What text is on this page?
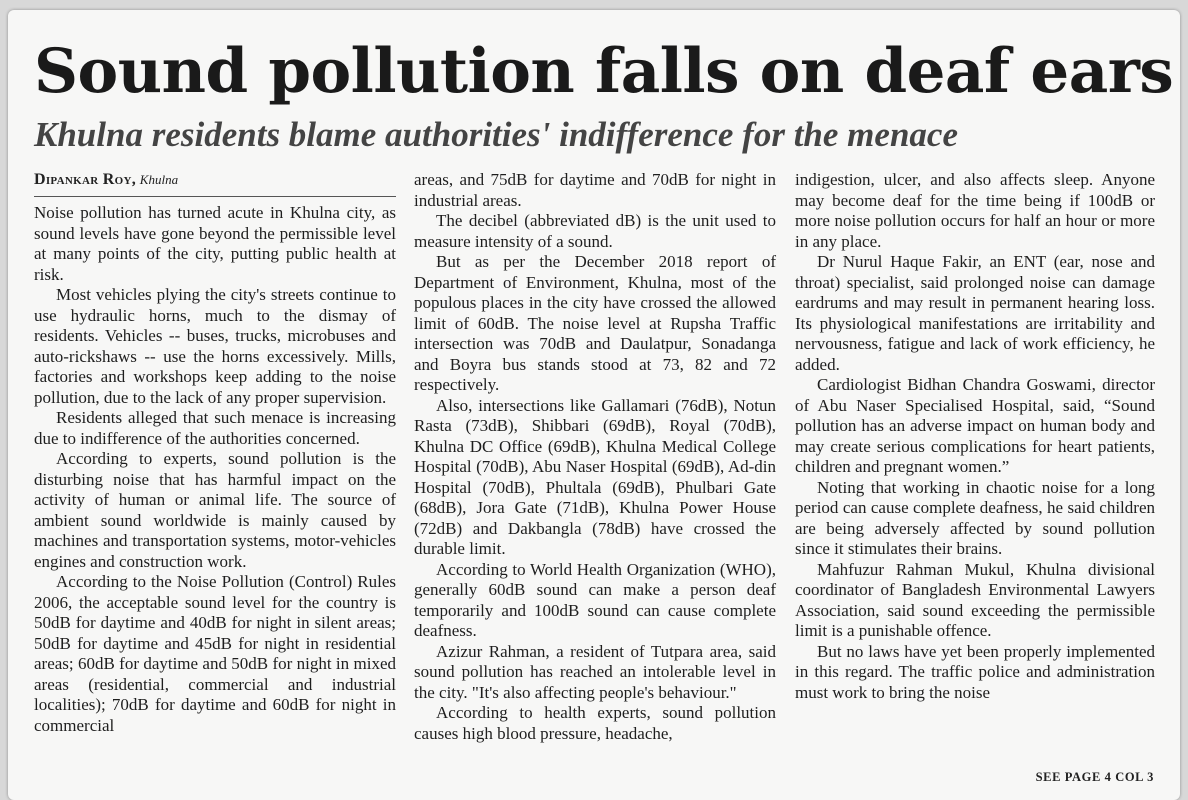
Sound pollution falls on deaf ears
Khulna residents blame authorities' indifference for the menace
Dipankar Roy, Khulna

Noise pollution has turned acute in Khulna city, as sound levels have gone beyond the permissible level at many points of the city, putting public health at risk.

Most vehicles plying the city's streets continue to use hydraulic horns, much to the dismay of residents. Vehicles -- buses, trucks, microbuses and auto-rickshaws -- use the horns excessively. Mills, factories and workshops keep adding to the noise pollution, due to the lack of any proper supervision.

Residents alleged that such menace is increasing due to indifference of the authorities concerned.

According to experts, sound pollution is the disturbing noise that has harmful impact on the activity of human or animal life. The source of ambient sound worldwide is mainly caused by machines and transportation systems, motor-vehicles engines and construction work.

According to the Noise Pollution (Control) Rules 2006, the acceptable sound level for the country is 50dB for daytime and 40dB for night in silent areas; 50dB for daytime and 45dB for night in residential areas; 60dB for daytime and 50dB for night in mixed areas (residential, commercial and industrial localities); 70dB for daytime and 60dB for night in commercial

areas, and 75dB for daytime and 70dB for night in industrial areas.

The decibel (abbreviated dB) is the unit used to measure intensity of a sound.

But as per the December 2018 report of Department of Environment, Khulna, most of the populous places in the city have crossed the allowed limit of 60dB. The noise level at Rupsha Traffic intersection was 70dB and Daulatpur, Sonadanga and Boyra bus stands stood at 73, 82 and 72 respectively.

Also, intersections like Gallamari (76dB), Notun Rasta (73dB), Shibbari (69dB), Royal (70dB), Khulna DC Office (69dB), Khulna Medical College Hospital (70dB), Abu Naser Hospital (69dB), Ad-din Hospital (70dB), Phultala (69dB), Phulbari Gate (68dB), Jora Gate (71dB), Khulna Power House (72dB) and Dakbangla (78dB) have crossed the durable limit.

According to World Health Organization (WHO), generally 60dB sound can make a person deaf temporarily and 100dB sound can cause complete deafness.

Azizur Rahman, a resident of Tutpara area, said sound pollution has reached an intolerable level in the city. "It's also affecting people's behaviour."

According to health experts, sound pollution causes high blood pressure, headache,

indigestion, ulcer, and also affects sleep. Anyone may become deaf for the time being if 100dB or more noise pollution occurs for half an hour or more in any place.

Dr Nurul Haque Fakir, an ENT (ear, nose and throat) specialist, said prolonged noise can damage eardrums and may result in permanent hearing loss. Its physiological manifestations are irritability and nervousness, fatigue and lack of work efficiency, he added.

Cardiologist Bidhan Chandra Goswami, director of Abu Naser Specialised Hospital, said, “Sound pollution has an adverse impact on human body and may create serious complications for heart patients, children and pregnant women.”

Noting that working in chaotic noise for a long period can cause complete deafness, he said children are being adversely affected by sound pollution since it stimulates their brains.

Mahfuzur Rahman Mukul, Khulna divisional coordinator of Bangladesh Environmental Lawyers Association, said sound exceeding the permissible limit is a punishable offence.

But no laws have yet been properly implemented in this regard. The traffic police and administration must work to bring the noise

SEE PAGE 4 COL 3
